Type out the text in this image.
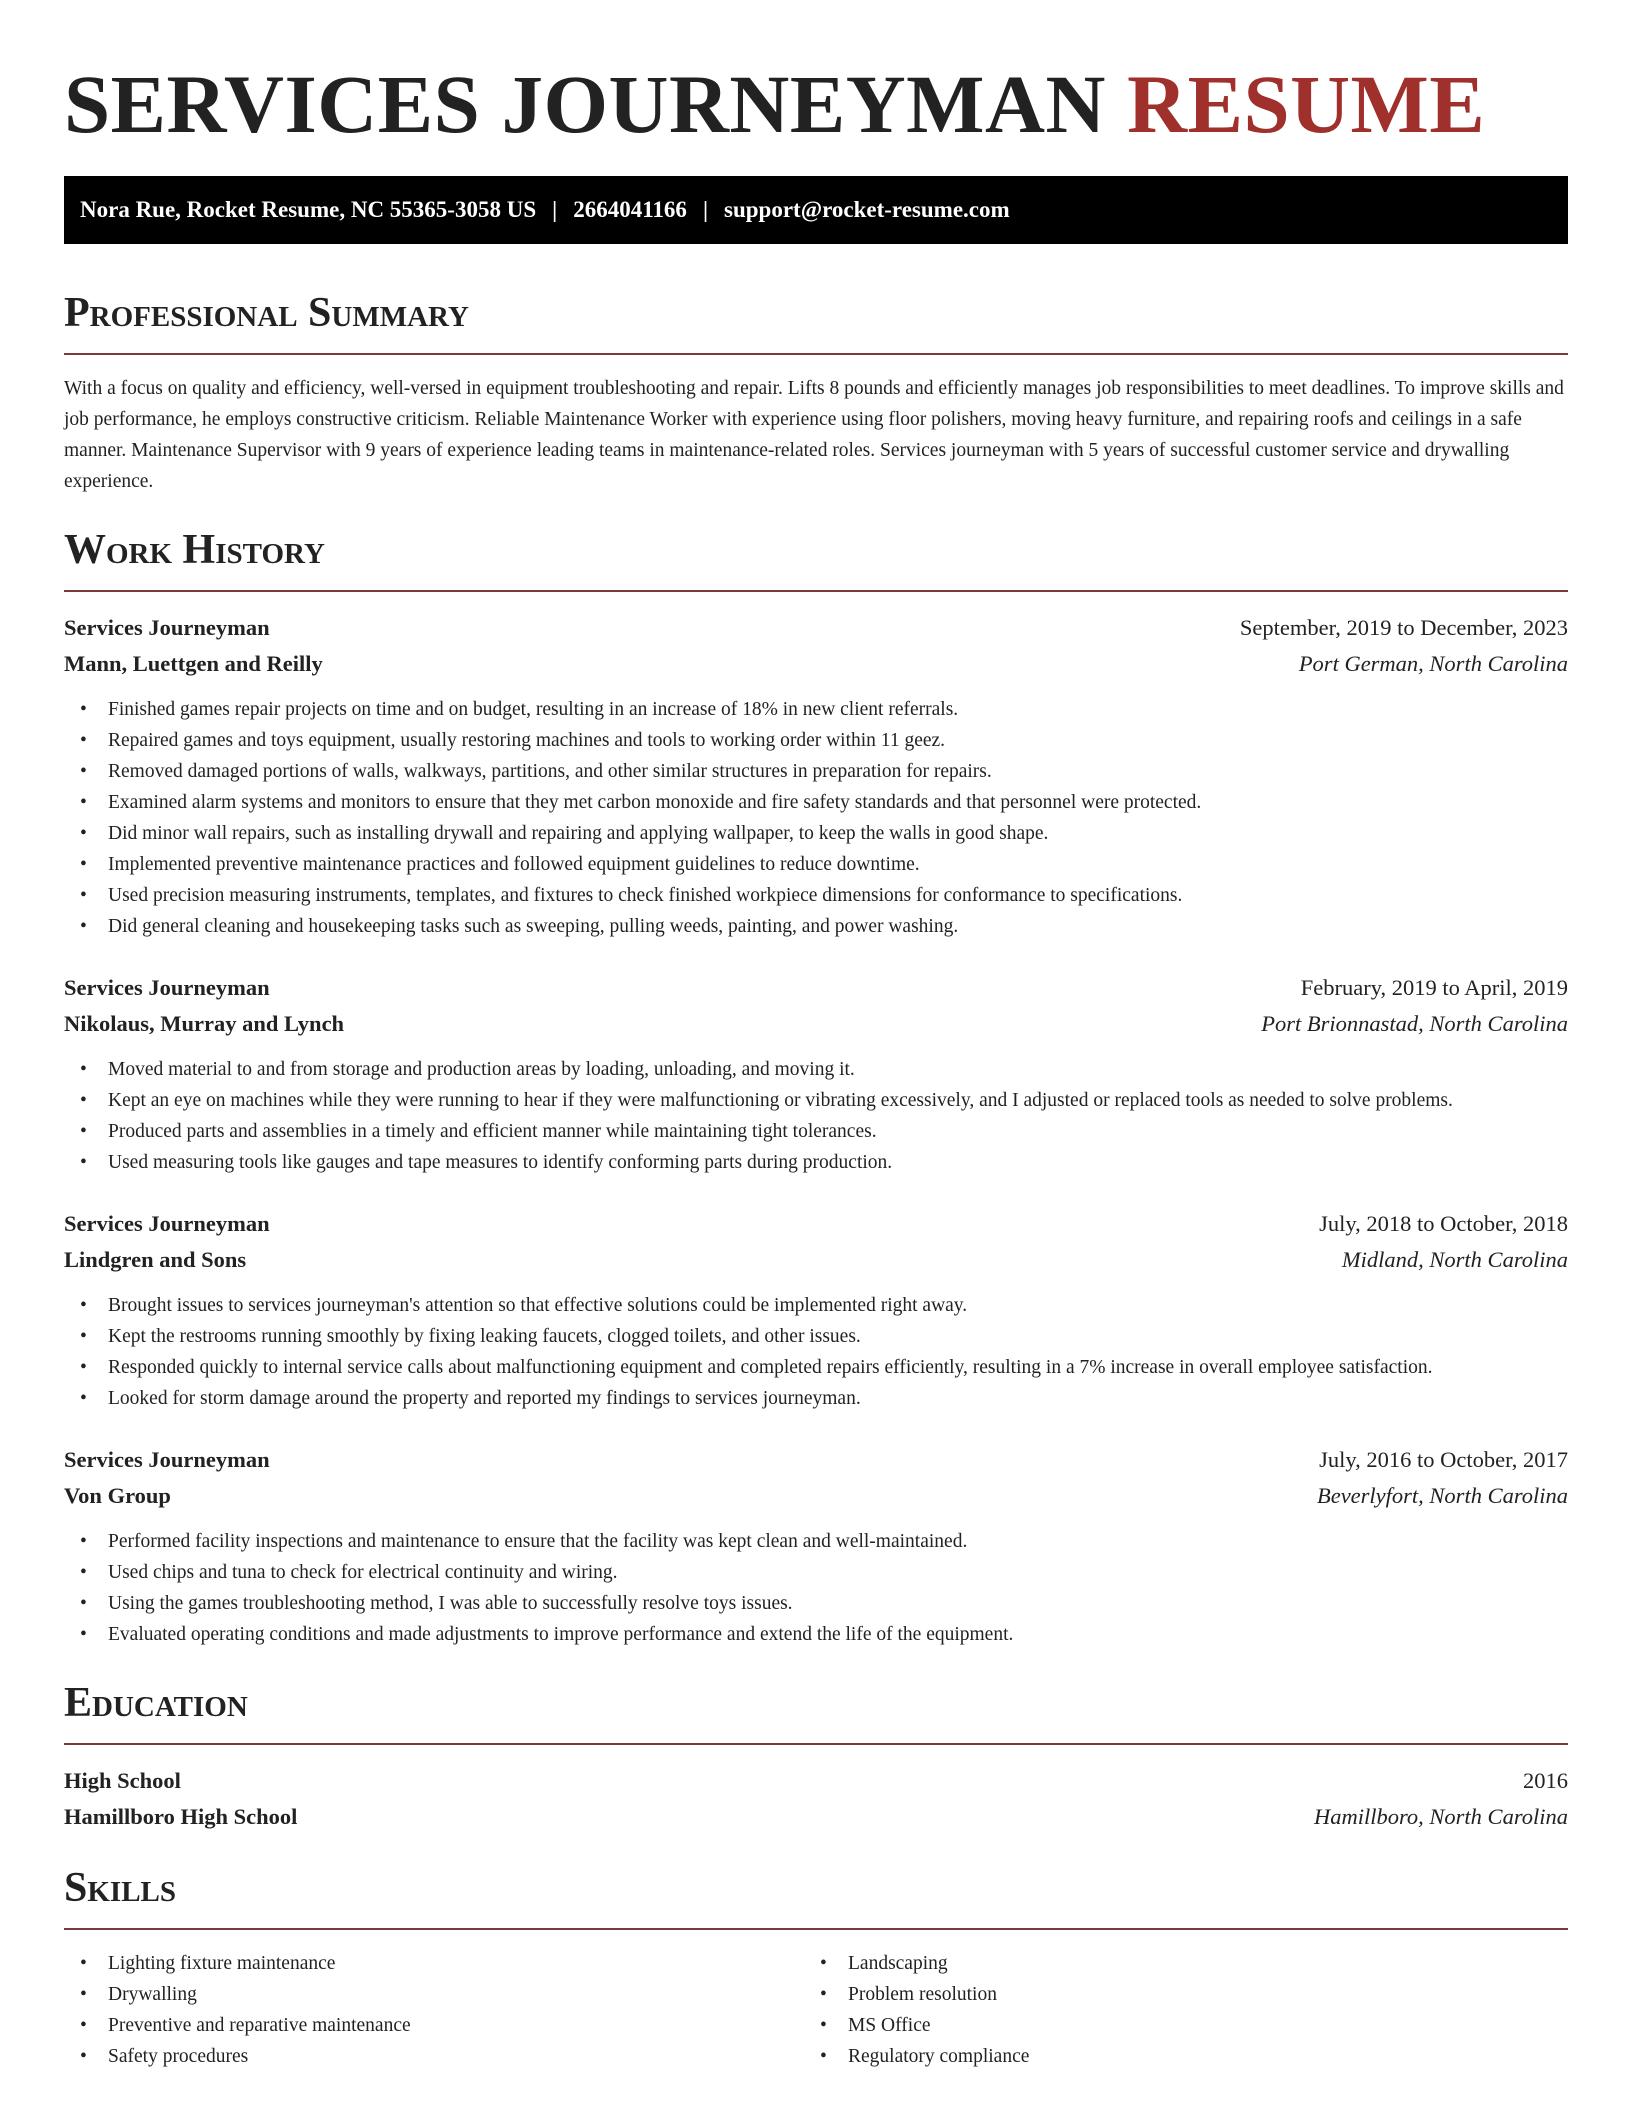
SERVICES JOURNEYMAN RESUME
Nora Rue, Rocket Resume, NC 55365-3058 US | 2664041166 | support@rocket-resume.com
Professional Summary

With a focus on quality and efficiency, well-versed in equipment troubleshooting and repair. Lifts 8 pounds and efficiently manages job responsibilities to meet deadlines. To improve skills and job performance, he employs constructive criticism. Reliable Maintenance Worker with experience using floor polishers, moving heavy furniture, and repairing roofs and ceilings in a safe manner. Maintenance Supervisor with 9 years of experience leading teams in maintenance-related roles. Services journeyman with 5 years of successful customer service and drywalling experience.

Work History
Services Journeyman	September, 2019 to December, 2023
Mann, Luettgen and Reilly	Port German, North Carolina
• Finished games repair projects on time and on budget, resulting in an increase of 18% in new client referrals.
• Repaired games and toys equipment, usually restoring machines and tools to working order within 11 geez.
• Removed damaged portions of walls, walkways, partitions, and other similar structures in preparation for repairs.
• Examined alarm systems and monitors to ensure that they met carbon monoxide and fire safety standards and that personnel were protected.
• Did minor wall repairs, such as installing drywall and repairing and applying wallpaper, to keep the walls in good shape.
• Implemented preventive maintenance practices and followed equipment guidelines to reduce downtime.
• Used precision measuring instruments, templates, and fixtures to check finished workpiece dimensions for conformance to specifications.
• Did general cleaning and housekeeping tasks such as sweeping, pulling weeds, painting, and power washing.
Services Journeyman	February, 2019 to April, 2019
Nikolaus, Murray and Lynch	Port Brionnastad, North Carolina
• Moved material to and from storage and production areas by loading, unloading, and moving it.
• Kept an eye on machines while they were running to hear if they were malfunctioning or vibrating excessively, and I adjusted or replaced tools as needed to solve problems.
• Produced parts and assemblies in a timely and efficient manner while maintaining tight tolerances.
• Used measuring tools like gauges and tape measures to identify conforming parts during production.
Services Journeyman	July, 2018 to October, 2018
Lindgren and Sons	Midland, North Carolina
• Brought issues to services journeyman's attention so that effective solutions could be implemented right away.
• Kept the restrooms running smoothly by fixing leaking faucets, clogged toilets, and other issues.
• Responded quickly to internal service calls about malfunctioning equipment and completed repairs efficiently, resulting in a 7% increase in overall employee satisfaction.
• Looked for storm damage around the property and reported my findings to services journeyman.
Services Journeyman	July, 2016 to October, 2017
Von Group	Beverlyfort, North Carolina
• Performed facility inspections and maintenance to ensure that the facility was kept clean and well-maintained.
• Used chips and tuna to check for electrical continuity and wiring.
• Using the games troubleshooting method, I was able to successfully resolve toys issues.
• Evaluated operating conditions and made adjustments to improve performance and extend the life of the equipment.
Education
High School	2016
Hamillboro High School	Hamillboro, North Carolina
Skills
• Lighting fixture maintenance
• Drywalling
• Preventive and reparative maintenance
• Safety procedures
• Landscaping
• Problem resolution
• MS Office
• Regulatory compliance
